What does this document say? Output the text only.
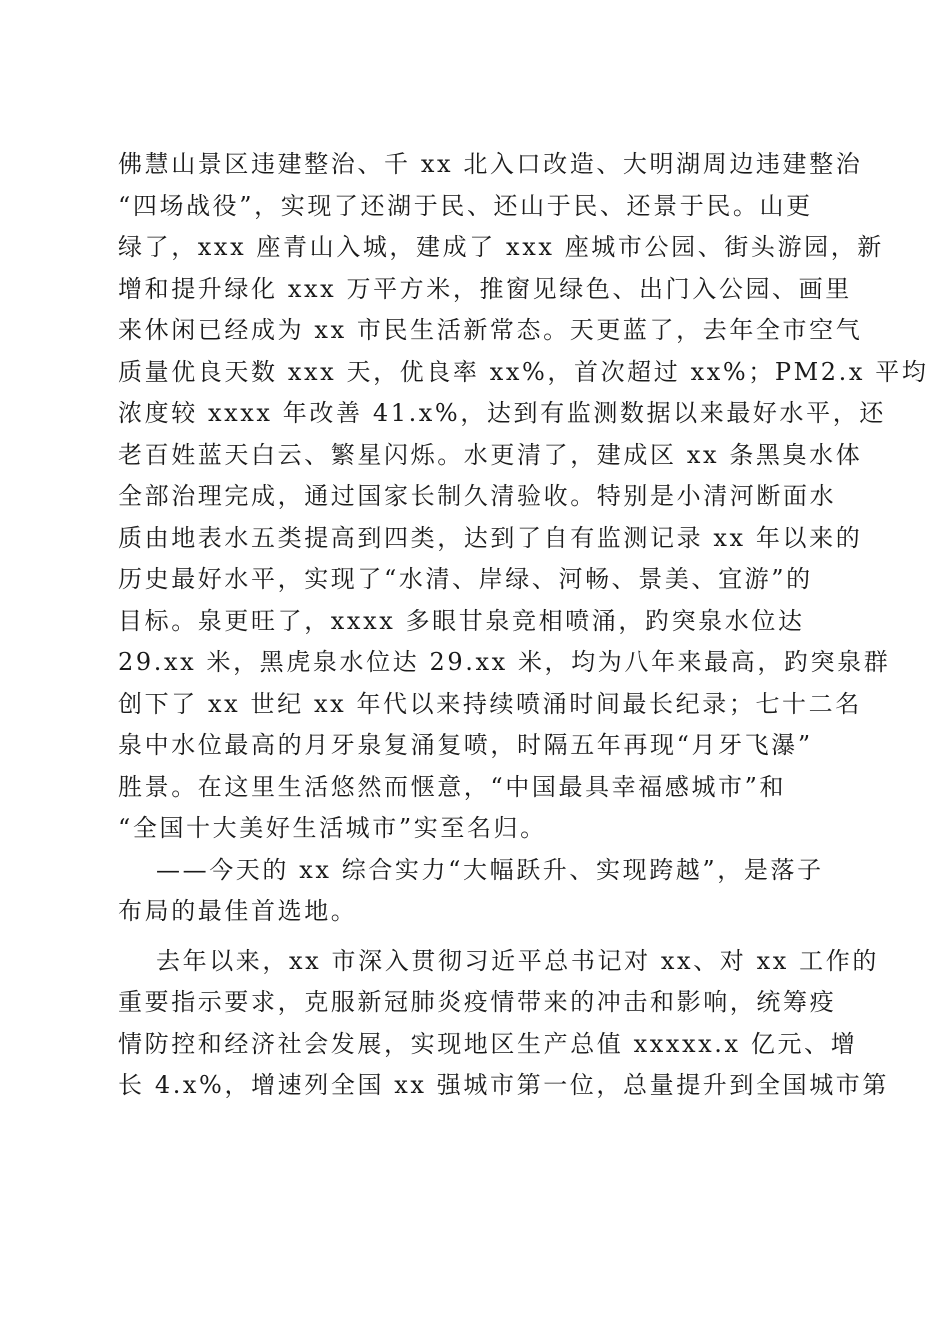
佛慧山景区违建整治、千 xx 北入口改造、大明湖周边违建整治
“四场战役”，实现了还湖于民、还山于民、还景于民。山更
绿了，xxx 座青山入城，建成了 xxx 座城市公园、街头游园，新
增和提升绿化 xxx 万平方米，推窗见绿色、出门入公园、画里
来休闲已经成为 xx 市民生活新常态。天更蓝了，去年全市空气
质量优良天数 xxx 天，优良率 xx%，首次超过 xx%；PM2.x 平均
浓度较 xxxx 年改善 41.x%，达到有监测数据以来最好水平，还
老百姓蓝天白云、繁星闪烁。水更清了，建成区 xx 条黑臭水体
全部治理完成，通过国家长制久清验收。特别是小清河断面水
质由地表水五类提高到四类，达到了自有监测记录 xx 年以来的
历史最好水平，实现了“水清、岸绿、河畅、景美、宜游”的
目标。泉更旺了，xxxx 多眼甘泉竞相喷涌，趵突泉水位达
29.xx 米，黑虎泉水位达 29.xx 米，均为八年来最高，趵突泉群
创下了 xx 世纪 xx 年代以来持续喷涌时间最长纪录；七十二名
泉中水位最高的月牙泉复涌复喷，时隔五年再现“月牙飞瀑”
胜景。在这里生活悠然而惬意，“中国最具幸福感城市”和
“全国十大美好生活城市”实至名归。
——今天的 xx 综合实力“大幅跃升、实现跨越”，是落子
布局的最佳首选地。
去年以来，xx 市深入贯彻习近平总书记对 xx、对 xx 工作的
重要指示要求，克服新冠肺炎疫情带来的冲击和影响，统筹疫
情防控和经济社会发展，实现地区生产总值 xxxxx.x 亿元、增
长 4.x%，增速列全国 xx 强城市第一位，总量提升到全国城市第
